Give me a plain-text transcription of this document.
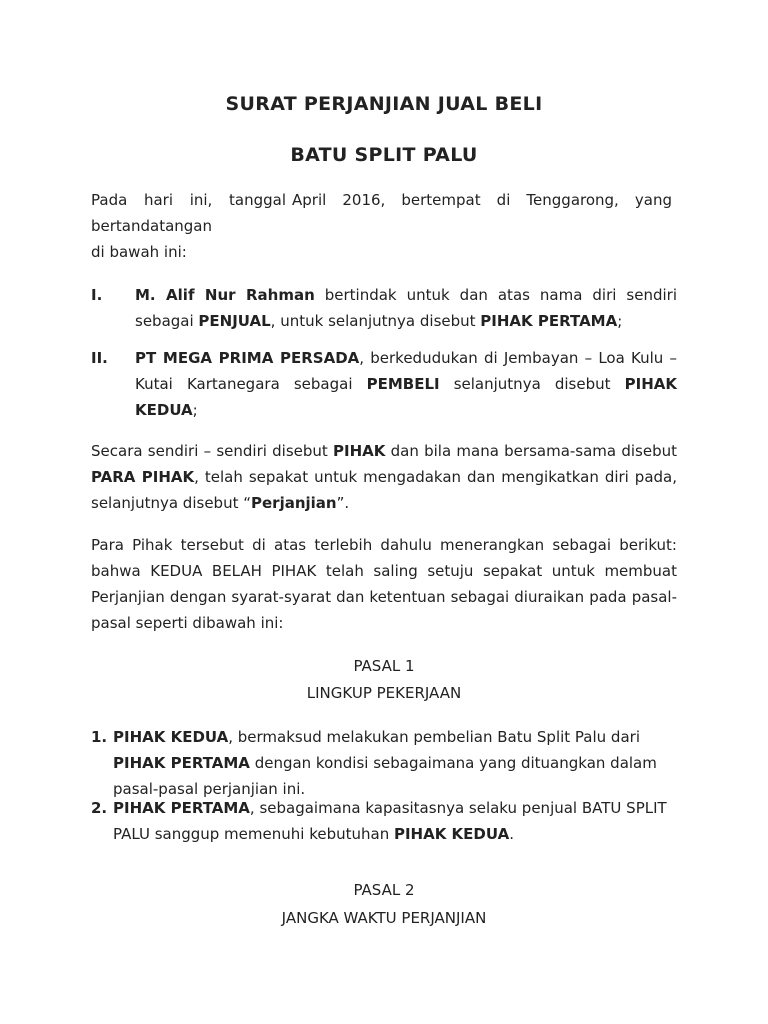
SURAT PERJANJIAN JUAL BELI
BATU SPLIT PALU
Pada hari ini, tanggal April 2016, bertempat di Tenggarong, yang
bertandatangan
di bawah ini:
I. M. Alif Nur Rahman bertindak untuk dan atas nama diri sendiri
sebagai PENJUAL, untuk selanjutnya disebut PIHAK PERTAMA;
II. PT MEGA PRIMA PERSADA, berkedudukan di Jembayan – Loa Kulu –
Kutai Kartanegara sebagai PEMBELI selanjutnya disebut PIHAK
KEDUA;
Secara sendiri – sendiri disebut PIHAK dan bila mana bersama-sama disebut
PARA PIHAK, telah sepakat untuk mengadakan dan mengikatkan diri pada,
selanjutnya disebut “Perjanjian”.
Para Pihak tersebut di atas terlebih dahulu menerangkan sebagai berikut:
bahwa KEDUA BELAH PIHAK telah saling setuju sepakat untuk membuat
Perjanjian dengan syarat-syarat dan ketentuan sebagai diuraikan pada pasal-
pasal seperti dibawah ini:
PASAL 1
LINGKUP PEKERJAAN
1. PIHAK KEDUA, bermaksud melakukan pembelian Batu Split Palu dari
PIHAK PERTAMA dengan kondisi sebagaimana yang dituangkan dalam
pasal-pasal perjanjian ini.
2. PIHAK PERTAMA, sebagaimana kapasitasnya selaku penjual BATU SPLIT
PALU sanggup memenuhi kebutuhan PIHAK KEDUA.
PASAL 2
JANGKA WAKTU PERJANJIAN
